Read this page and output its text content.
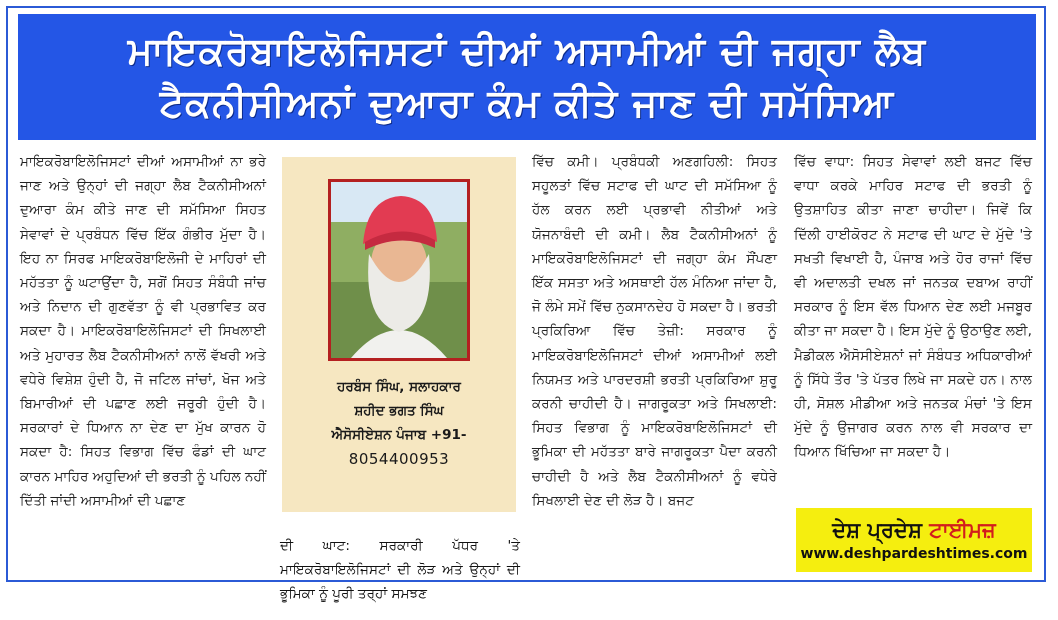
ਮਾਇਕਰੋਬਾਇਲੋਜਿਸਟਾਂ ਦੀਆਂ ਅਸਾਮੀਆਂ ਦੀ ਜਗ੍ਹਾ ਲੈਬ
ਟੈਕਨੀਸੀਅਨਾਂ ਦੁਆਰਾ ਕੰਮ ਕੀਤੇ ਜਾਣ ਦੀ ਸਮੱਸਿਆ

ਮਾਇਕਰੋਬਾਇਲੋਜਿਸਟਾਂ ਦੀਆਂ ਅਸਾਮੀਆਂ ਨਾ ਭਰੇ ਜਾਣ ਅਤੇ ਉਨ੍ਹਾਂ ਦੀ ਜਗ੍ਹਾ ਲੈਬ ਟੈਕਨੀਸੀਅਨਾਂ ਦੁਆਰਾ ਕੰਮ ਕੀਤੇ ਜਾਣ ਦੀ ਸਮੱਸਿਆ ਸਿਹਤ ਸੇਵਾਵਾਂ ਦੇ ਪ੍ਰਬੰਧਨ ਵਿੱਚ ਇੱਕ ਗੰਭੀਰ ਮੁੱਦਾ ਹੈ। ਇਹ ਨਾ ਸਿਰਫ ਮਾਇਕਰੋਬਾਇਲੋਜੀ ਦੇ ਮਾਹਿਰਾਂ ਦੀ ਮਹੱਤਤਾ ਨੂੰ ਘਟਾਉਂਦਾ ਹੈ, ਸਗੋਂ ਸਿਹਤ ਸੰਬੰਧੀ ਜਾਂਚ ਅਤੇ ਨਿਦਾਨ ਦੀ ਗੁਣਵੱਤਾ ਨੂੰ ਵੀ ਪ੍ਰਭਾਵਿਤ ਕਰ ਸਕਦਾ ਹੈ। ਮਾਇਕਰੋਬਾਇਲੋਜਿਸਟਾਂ ਦੀ ਸਿਖਲਾਈ ਅਤੇ ਮੁਹਾਰਤ ਲੈਬ ਟੈਕਨੀਸੀਅਨਾਂ ਨਾਲੋਂ ਵੱਖਰੀ ਅਤੇ ਵਧੇਰੇ ਵਿਸ਼ੇਸ਼ ਹੁੰਦੀ ਹੈ, ਜੋ ਜਟਿਲ ਜਾਂਚਾਂ, ਖੋਜ ਅਤੇ ਬਿਮਾਰੀਆਂ ਦੀ ਪਛਾਣ ਲਈ ਜਰੂਰੀ ਹੁੰਦੀ ਹੈ। ਸਰਕਾਰਾਂ ਦੇ ਧਿਆਨ ਨਾ ਦੇਣ ਦਾ ਮੁੱਖ ਕਾਰਨ ਹੋ ਸਕਦਾ ਹੈ: ਸਿਹਤ ਵਿਭਾਗ ਵਿੱਚ ਫੰਡਾਂ ਦੀ ਘਾਟ ਕਾਰਨ ਮਾਹਿਰ ਅਹੁਦਿਆਂ ਦੀ ਭਰਤੀ ਨੂੰ ਪਹਿਲ ਨਹੀਂ ਦਿੱਤੀ ਜਾਂਦੀ ਅਸਾਮੀਆਂ ਦੀ ਪਛਾਣ

ਹਰਬੰਸ ਸਿੰਘ, ਸਲਾਹਕਾਰ
ਸ਼ਹੀਦ ਭਗਤ ਸਿੰਘ
ਐਸੋਸੀਏਸ਼ਨ ਪੰਜਾਬ +91-
8054400953

ਦੀ ਘਾਟ: ਸਰਕਾਰੀ ਪੱਧਰ 'ਤੇ ਮਾਇਕਰੋਬਾਇਲੋਜਿਸਟਾਂ ਦੀ ਲੋੜ ਅਤੇ ਉਨ੍ਹਾਂ ਦੀ ਭੂਮਿਕਾ ਨੂੰ ਪੂਰੀ ਤਰ੍ਹਾਂ ਸਮਝਣ

ਵਿੱਚ ਕਮੀ। ਪ੍ਰਬੰਧਕੀ ਅਣਗਹਿਲੀ: ਸਿਹਤ ਸਹੂਲਤਾਂ ਵਿੱਚ ਸਟਾਫ ਦੀ ਘਾਟ ਦੀ ਸਮੱਸਿਆ ਨੂੰ ਹੱਲ ਕਰਨ ਲਈ ਪ੍ਰਭਾਵੀ ਨੀਤੀਆਂ ਅਤੇ ਯੋਜਨਾਬੰਦੀ ਦੀ ਕਮੀ। ਲੈਬ ਟੈਕਨੀਸੀਅਨਾਂ ਨੂੰ ਮਾਇਕਰੋਬਾਇਲੋਜਿਸਟਾਂ ਦੀ ਜਗ੍ਹਾ ਕੰਮ ਸੌਂਪਣਾ ਇੱਕ ਸਸਤਾ ਅਤੇ ਅਸਥਾਈ ਹੱਲ ਮੰਨਿਆ ਜਾਂਦਾ ਹੈ, ਜੋ ਲੰਮੇ ਸਮੇਂ ਵਿੱਚ ਨੁਕਸਾਨਦੇਹ ਹੋ ਸਕਦਾ ਹੈ। ਭਰਤੀ ਪ੍ਰਕਿਰਿਆ ਵਿੱਚ ਤੇਜ਼ੀ: ਸਰਕਾਰ ਨੂੰ ਮਾਇਕਰੋਬਾਇਲੋਜਿਸਟਾਂ ਦੀਆਂ ਅਸਾਮੀਆਂ ਲਈ ਨਿਯਮਤ ਅਤੇ ਪਾਰਦਰਸ਼ੀ ਭਰਤੀ ਪ੍ਰਕਿਰਿਆ ਸ਼ੁਰੂ ਕਰਨੀ ਚਾਹੀਦੀ ਹੈ। ਜਾਗਰੂਕਤਾ ਅਤੇ ਸਿਖਲਾਈ: ਸਿਹਤ ਵਿਭਾਗ ਨੂੰ ਮਾਇਕਰੋਬਾਇਲੋਜਿਸਟਾਂ ਦੀ ਭੂਮਿਕਾ ਦੀ ਮਹੱਤਤਾ ਬਾਰੇ ਜਾਗਰੂਕਤਾ ਪੈਦਾ ਕਰਨੀ ਚਾਹੀਦੀ ਹੈ ਅਤੇ ਲੈਬ ਟੈਕਨੀਸੀਅਨਾਂ ਨੂੰ ਵਧੇਰੇ ਸਿਖਲਾਈ ਦੇਣ ਦੀ ਲੋੜ ਹੈ। ਬਜਟ

ਵਿੱਚ ਵਾਧਾ: ਸਿਹਤ ਸੇਵਾਵਾਂ ਲਈ ਬਜਟ ਵਿੱਚ ਵਾਧਾ ਕਰਕੇ ਮਾਹਿਰ ਸਟਾਫ ਦੀ ਭਰਤੀ ਨੂੰ ਉਤਸ਼ਾਹਿਤ ਕੀਤਾ ਜਾਣਾ ਚਾਹੀਦਾ। ਜਿਵੇਂ ਕਿ ਦਿੱਲੀ ਹਾਈਕੋਰਟ ਨੇ ਸਟਾਫ ਦੀ ਘਾਟ ਦੇ ਮੁੱਦੇ 'ਤੇ ਸਖਤੀ ਵਿਖਾਈ ਹੈ, ਪੰਜਾਬ ਅਤੇ ਹੋਰ ਰਾਜਾਂ ਵਿੱਚ ਵੀ ਅਦਾਲਤੀ ਦਖਲ ਜਾਂ ਜਨਤਕ ਦਬਾਅ ਰਾਹੀਂ ਸਰਕਾਰ ਨੂੰ ਇਸ ਵੱਲ ਧਿਆਨ ਦੇਣ ਲਈ ਮਜਬੂਰ ਕੀਤਾ ਜਾ ਸਕਦਾ ਹੈ। ਇਸ ਮੁੱਦੇ ਨੂੰ ਉਠਾਉਣ ਲਈ, ਮੈਡੀਕਲ ਐਸੋਸੀਏਸ਼ਨਾਂ ਜਾਂ ਸੰਬੰਧਤ ਅਧਿਕਾਰੀਆਂ ਨੂੰ ਸਿੱਧੇ ਤੌਰ 'ਤੇ ਪੱਤਰ ਲਿਖੇ ਜਾ ਸਕਦੇ ਹਨ। ਨਾਲ ਹੀ, ਸੋਸ਼ਲ ਮੀਡੀਆ ਅਤੇ ਜਨਤਕ ਮੰਚਾਂ 'ਤੇ ਇਸ ਮੁੱਦੇ ਨੂੰ ਉਜਾਗਰ ਕਰਨ ਨਾਲ ਵੀ ਸਰਕਾਰ ਦਾ ਧਿਆਨ ਖਿੱਚਿਆ ਜਾ ਸਕਦਾ ਹੈ।

ਦੇਸ਼ ਪ੍ਰਦੇਸ਼ ਟਾਈਮਜ਼
www.deshpardeshtimes.com
